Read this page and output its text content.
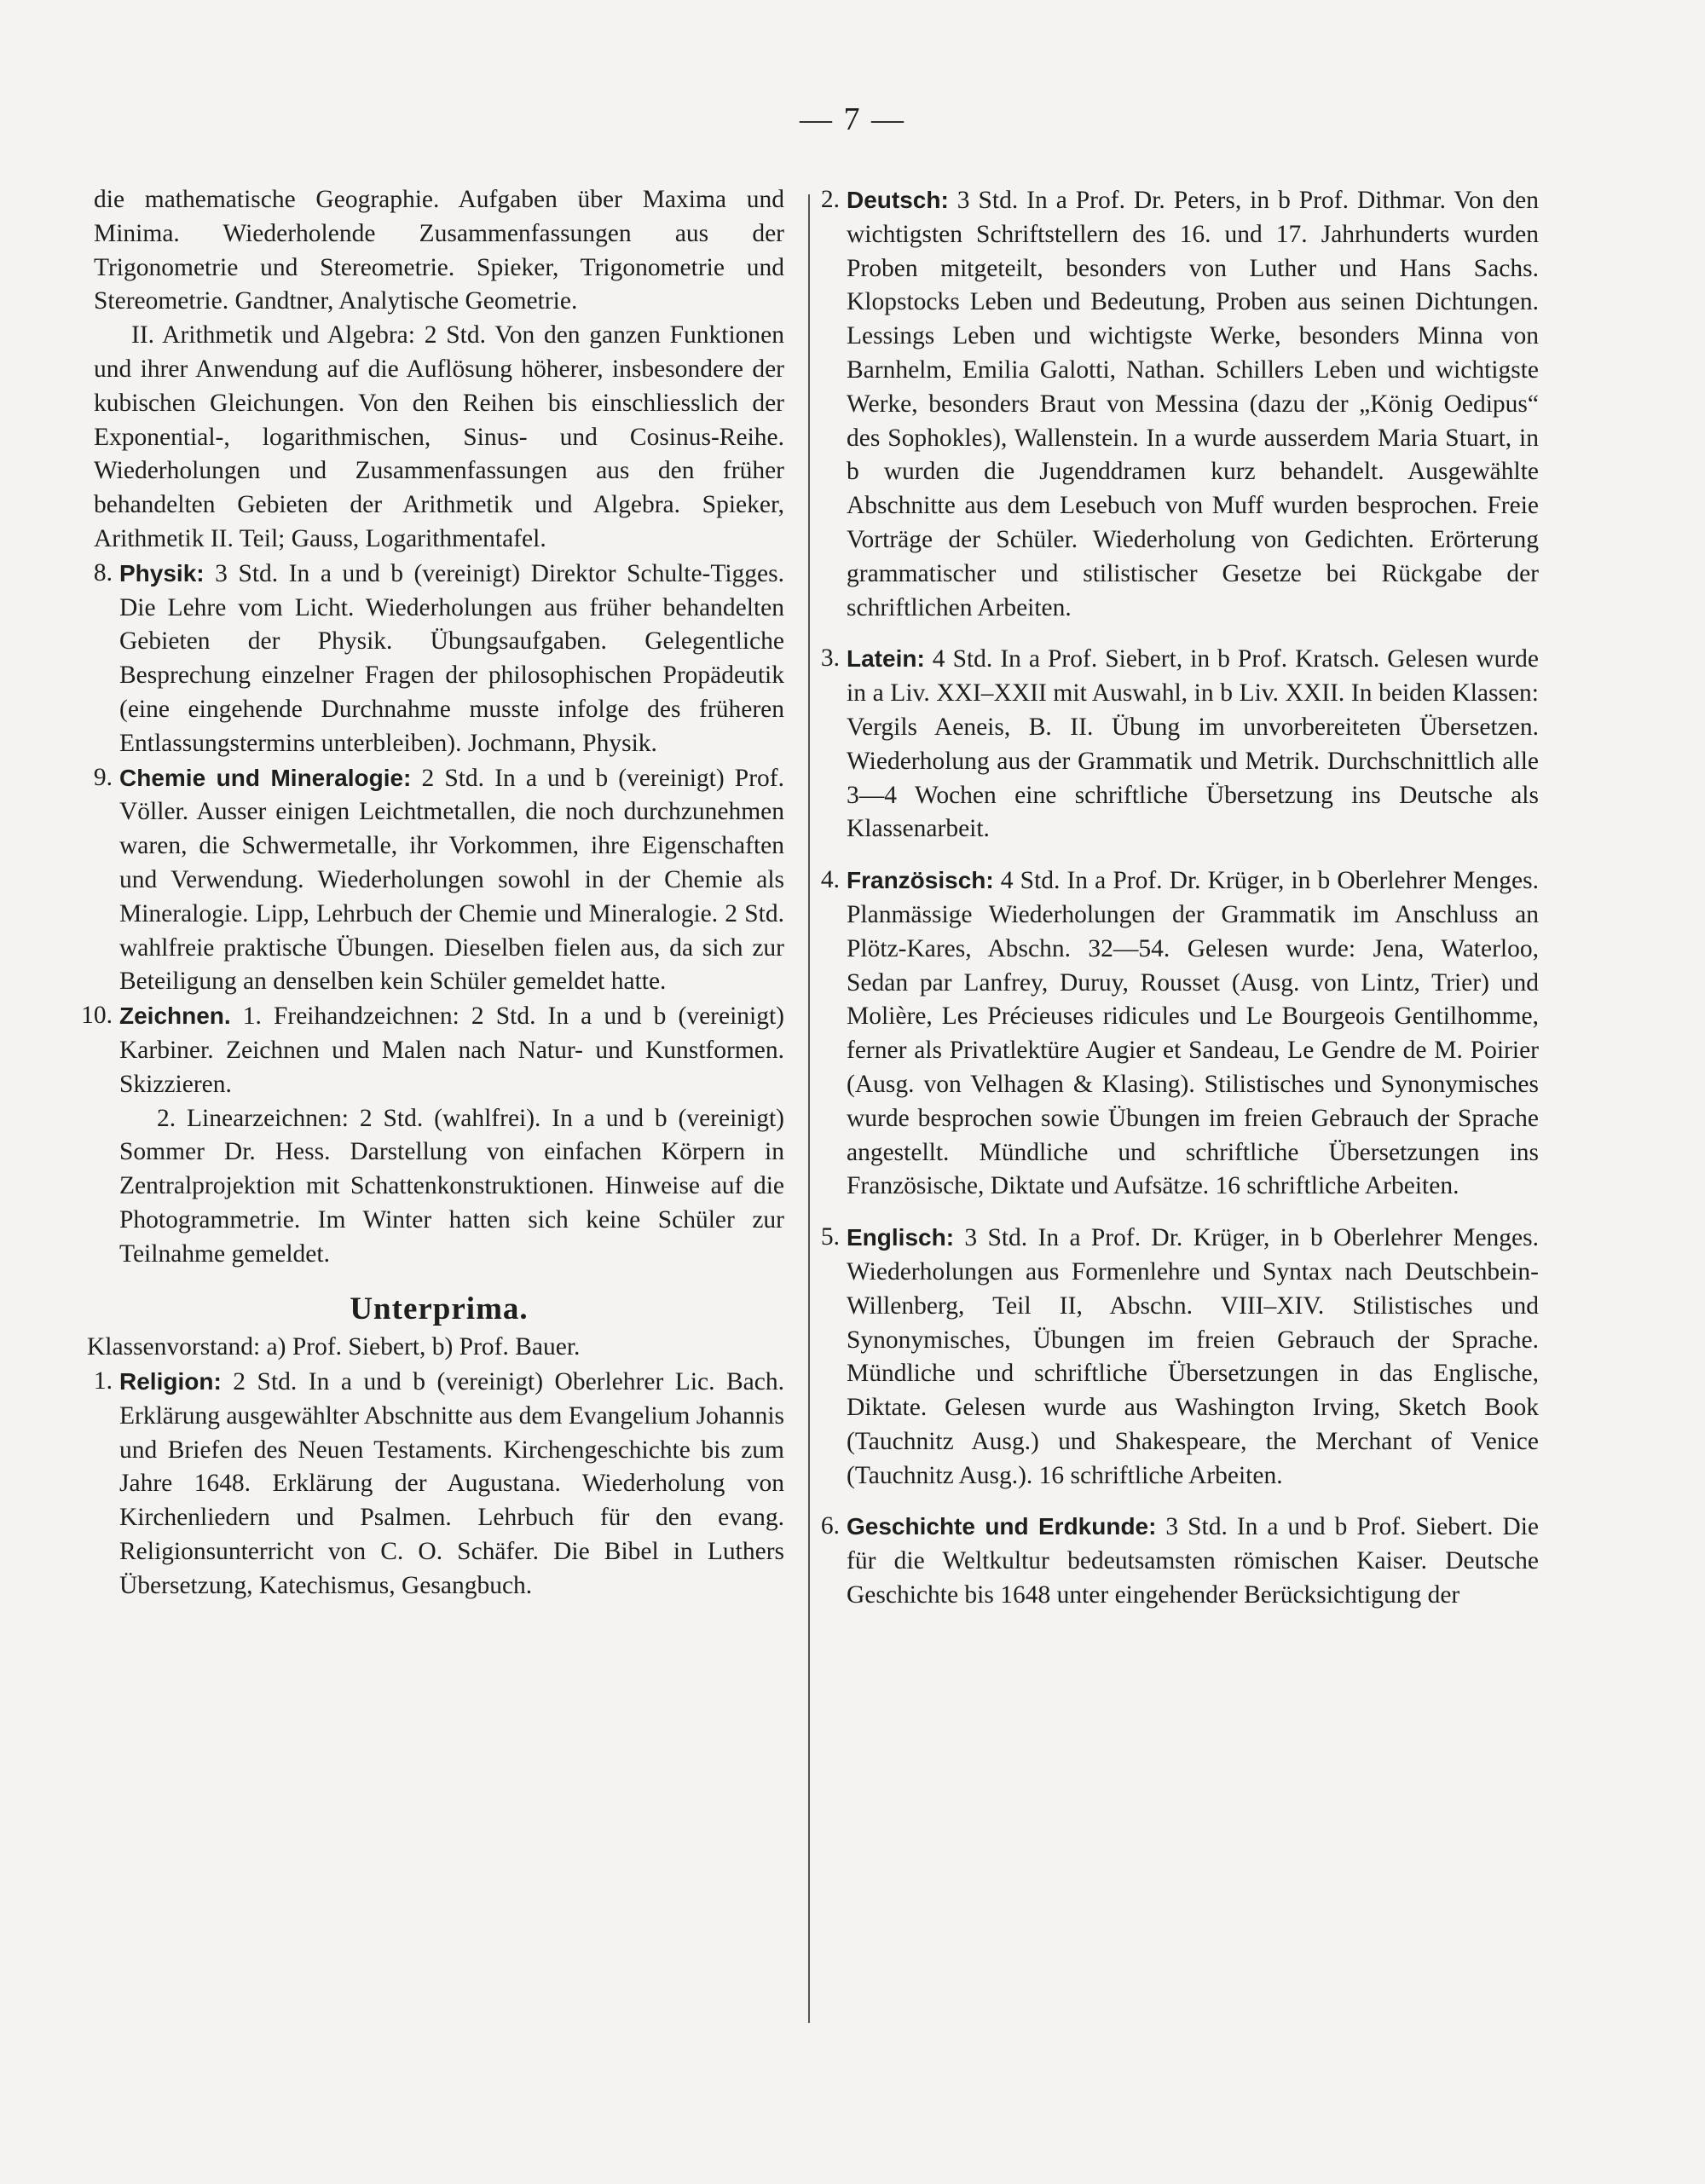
— 7 —

die mathematische Geographie. Aufgaben über Maxima und Minima. Wiederholende Zusammenfassungen aus der Trigonometrie und Stereometrie. Spieker, Trigonometrie und Stereometrie. Gandtner, Analytische Geometrie.

II. Arithmetik und Algebra: 2 Std. Von den ganzen Funktionen und ihrer Anwendung auf die Auflösung höherer, insbesondere der kubischen Gleichungen. Von den Reihen bis einschliesslich der Exponential-, logarithmischen, Sinus- und Cosinus-Reihe. Wiederholungen und Zusammenfassungen aus den früher behandelten Gebieten der Arithmetik und Algebra. Spieker, Arithmetik II. Teil; Gauss, Logarithmentafel.

8. Physik: 3 Std. In a und b (vereinigt) Direktor Schulte-Tigges. Die Lehre vom Licht. Wiederholungen aus früher behandelten Gebieten der Physik. Übungsaufgaben. Gelegentliche Besprechung einzelner Fragen der philosophischen Propädeutik (eine eingehende Durchnahme musste infolge des früheren Entlassungstermins unterbleiben). Jochmann, Physik.
9. Chemie und Mineralogie: 2 Std. In a und b (vereinigt) Prof. Völler. Ausser einigen Leichtmetallen, die noch durchzunehmen waren, die Schwermetalle, ihr Vorkommen, ihre Eigenschaften und Verwendung. Wiederholungen sowohl in der Chemie als Mineralogie. Lipp, Lehrbuch der Chemie und Mineralogie. 2 Std. wahlfreie praktische Übungen. Dieselben fielen aus, da sich zur Beteiligung an denselben kein Schüler gemeldet hatte.
10. Zeichnen. 1. Freihandzeichnen: 2 Std. In a und b (vereinigt) Karbiner. Zeichnen und Malen nach Natur- und Kunstformen. Skizzieren.

2. Linearzeichnen: 2 Std. (wahlfrei). In a und b (vereinigt) Sommer Dr. Hess. Darstellung von einfachen Körpern in Zentralprojektion mit Schattenkonstruktionen. Hinweise auf die Photogrammetrie. Im Winter hatten sich keine Schüler zur Teilnahme gemeldet.

Unterprima.
Klassenvorstand: a) Prof. Siebert, b) Prof. Bauer.
1. Religion: 2 Std. In a und b (vereinigt) Oberlehrer Lic. Bach. Erklärung ausgewählter Abschnitte aus dem Evangelium Johannis und Briefen des Neuen Testaments. Kirchengeschichte bis zum Jahre 1648. Erklärung der Augustana. Wiederholung von Kirchenliedern und Psalmen. Lehrbuch für den evang. Religionsunterricht von C. O. Schäfer. Die Bibel in Luthers Übersetzung, Katechismus, Gesangbuch.
2. Deutsch: 3 Std. In a Prof. Dr. Peters, in b Prof. Dithmar. Von den wichtigsten Schriftstellern des 16. und 17. Jahrhunderts wurden Proben mitgeteilt, besonders von Luther und Hans Sachs. Klopstocks Leben und Bedeutung, Proben aus seinen Dichtungen. Lessings Leben und wichtigste Werke, besonders Minna von Barnhelm, Emilia Galotti, Nathan. Schillers Leben und wichtigste Werke, besonders Braut von Messina (dazu der „König Oedipus“ des Sophokles), Wallenstein. In a wurde ausserdem Maria Stuart, in b wurden die Jugenddramen kurz behandelt. Ausgewählte Abschnitte aus dem Lesebuch von Muff wurden besprochen. Freie Vorträge der Schüler. Wiederholung von Gedichten. Erörterung grammatischer und stilistischer Gesetze bei Rückgabe der schriftlichen Arbeiten.
3. Latein: 4 Std. In a Prof. Siebert, in b Prof. Kratsch. Gelesen wurde in a Liv. XXI–XXII mit Auswahl, in b Liv. XXII. In beiden Klassen: Vergils Aeneis, B. II. Übung im unvorbereiteten Übersetzen. Wiederholung aus der Grammatik und Metrik. Durchschnittlich alle 3—4 Wochen eine schriftliche Übersetzung ins Deutsche als Klassenarbeit.
4. Französisch: 4 Std. In a Prof. Dr. Krüger, in b Oberlehrer Menges. Planmässige Wiederholungen der Grammatik im Anschluss an Plötz-Kares, Abschn. 32—54. Gelesen wurde: Jena, Waterloo, Sedan par Lanfrey, Duruy, Rousset (Ausg. von Lintz, Trier) und Molière, Les Précieuses ridicules und Le Bourgeois Gentilhomme, ferner als Privatlektüre Augier et Sandeau, Le Gendre de M. Poirier (Ausg. von Velhagen & Klasing). Stilistisches und Synonymisches wurde besprochen sowie Übungen im freien Gebrauch der Sprache angestellt. Mündliche und schriftliche Übersetzungen ins Französische, Diktate und Aufsätze. 16 schriftliche Arbeiten.
5. Englisch: 3 Std. In a Prof. Dr. Krüger, in b Oberlehrer Menges. Wiederholungen aus Formenlehre und Syntax nach Deutschbein-Willenberg, Teil II, Abschn. VIII–XIV. Stilistisches und Synonymisches, Übungen im freien Gebrauch der Sprache. Mündliche und schriftliche Übersetzungen in das Englische, Diktate. Gelesen wurde aus Washington Irving, Sketch Book (Tauchnitz Ausg.) und Shakespeare, the Merchant of Venice (Tauchnitz Ausg.). 16 schriftliche Arbeiten.
6. Geschichte und Erdkunde: 3 Std. In a und b Prof. Siebert. Die für die Weltkultur bedeutsamsten römischen Kaiser. Deutsche Geschichte bis 1648 unter eingehender Berücksichtigung der
